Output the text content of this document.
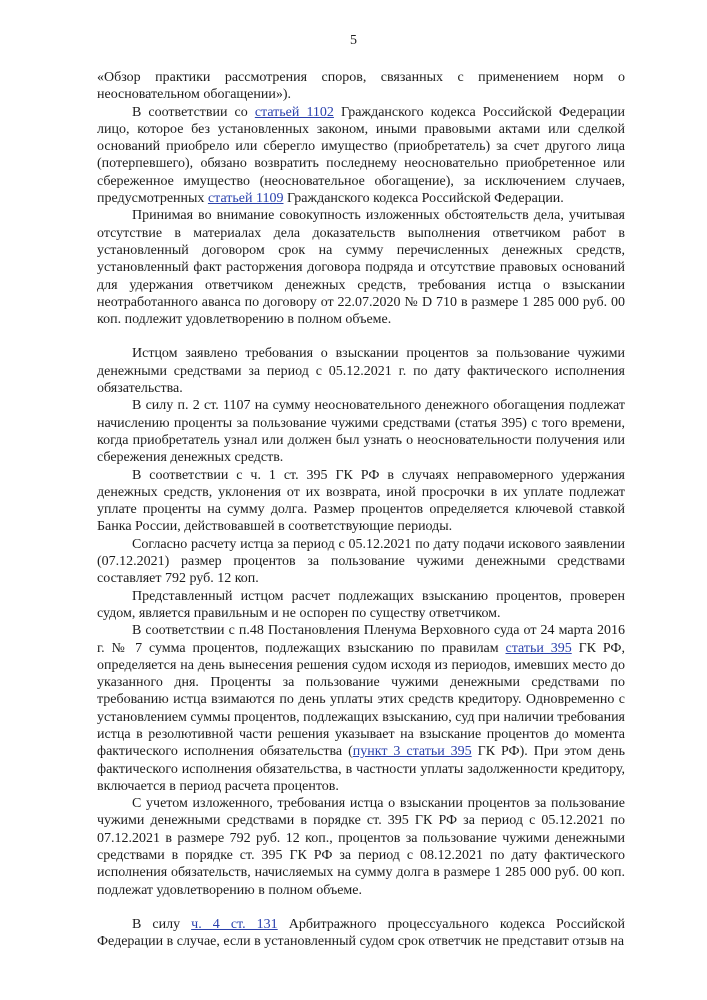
5

«Обзор практики рассмотрения споров, связанных с применением норм о неосновательном обогащении»).

В соответствии со статьей 1102 Гражданского кодекса Российской Федерации лицо, которое без установленных законом, иными правовыми актами или сделкой оснований приобрело или сберегло имущество (приобретатель) за счет другого лица (потерпевшего), обязано возвратить последнему неосновательно приобретенное или сбереженное имущество (неосновательное обогащение), за исключением случаев, предусмотренных статьей 1109 Гражданского кодекса Российской Федерации.

Принимая во внимание совокупность изложенных обстоятельств дела, учитывая отсутствие в материалах дела доказательств выполнения ответчиком работ в установленный договором срок на сумму перечисленных денежных средств, установленный факт расторжения договора подряда и отсутствие правовых оснований для удержания ответчиком денежных средств, требования истца о взыскании неотработанного аванса по договору от 22.07.2020 № D 710 в размере 1 285 000 руб. 00 коп. подлежит удовлетворению в полном объеме.

Истцом заявлено требования о взыскании процентов за пользование чужими денежными средствами за период с 05.12.2021 г. по дату фактического исполнения обязательства.

В силу п. 2 ст. 1107 на сумму неосновательного денежного обогащения подлежат начислению проценты за пользование чужими средствами (статья 395) с того времени, когда приобретатель узнал или должен был узнать о неосновательности получения или сбережения денежных средств.

В соответствии с ч. 1 ст. 395 ГК РФ в случаях неправомерного удержания денежных средств, уклонения от их возврата, иной просрочки в их уплате подлежат уплате проценты на сумму долга. Размер процентов определяется ключевой ставкой Банка России, действовавшей в соответствующие периоды.

Согласно расчету истца за период с 05.12.2021 по дату подачи искового заявлении (07.12.2021) размер процентов за пользование чужими денежными средствами составляет 792 руб. 12 коп.

Представленный истцом расчет подлежащих взысканию процентов, проверен судом, является правильным и не оспорен по существу ответчиком.

В соответствии с п.48 Постановления Пленума Верховного суда от 24 марта 2016 г. № 7 сумма процентов, подлежащих взысканию по правилам статьи 395 ГК РФ, определяется на день вынесения решения судом исходя из периодов, имевших место до указанного дня. Проценты за пользование чужими денежными средствами по требованию истца взимаются по день уплаты этих средств кредитору. Одновременно с установлением суммы процентов, подлежащих взысканию, суд при наличии требования истца в резолютивной части решения указывает на взыскание процентов до момента фактического исполнения обязательства (пункт 3 статьи 395 ГК РФ). При этом день фактического исполнения обязательства, в частности уплаты задолженности кредитору, включается в период расчета процентов.

С учетом изложенного, требования истца о взыскании процентов за пользование чужими денежными средствами в порядке ст. 395 ГК РФ за период с 05.12.2021 по 07.12.2021 в размере 792 руб. 12 коп., процентов за пользование чужими денежными средствами в порядке ст. 395 ГК РФ за период с 08.12.2021 по дату фактического исполнения обязательств, начисляемых на сумму долга в размере 1 285 000 руб. 00 коп. подлежат удовлетворению в полном объеме.

В силу ч. 4 ст. 131 Арбитражного процессуального кодекса Российской Федерации в случае, если в установленный судом срок ответчик не представит отзыв на
